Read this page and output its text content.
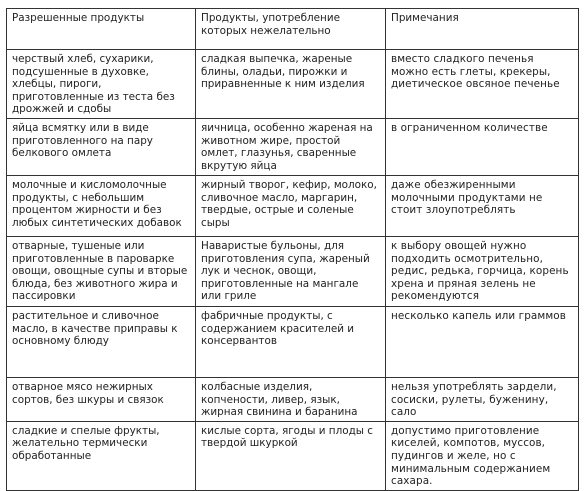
Разрешенные продукты	Продукты, употребление которых нежелательно	Примечания
черствый хлеб, сухарики, подсушенные в духовке, хлебцы, пироги, приготовленные из теста без дрожжей и сдобы	сладкая выпечка, жареные блины, оладьи, пирожки и приравненные к ним изделия	вместо сладкого печенья можно есть глеты, крекеры, диетическое овсяное печенье
яйца всмятку или в виде приготовленного на пару белкового омлета	яичница, особенно жареная на животном жире, простой омлет, глазунья, сваренные вкрутую яйца	в ограниченном количестве
молочные и кисломолочные продукты, с небольшим процентом жирности и без любых синтетических добавок	жирный творог, кефир, молоко, сливочное масло, маргарин, твердые, острые и соленые сыры	даже обезжиренными молочными продуктами не стоит злоупотреблять
отварные, тушеные или приготовленные в пароварке овощи, овощные супы и вторые блюда, без животного жира и пассировки	Наваристые бульоны, для приготовления супа, жареный лук и чеснок, овощи, приготовленные на мангале или гриле	к выбору овощей нужно подходить осмотрительно, редис, редька, горчица, корень хрена и пряная зелень не рекомендуются
растительное и сливочное масло, в качестве приправы к основному блюду	фабричные продукты, с содержанием красителей и консервантов	несколько капель или граммов
отварное мясо нежирных сортов, без шкуры и связок	колбасные изделия, копчености, ливер, язык, жирная свинина и баранина	нельзя употреблять зардели, сосиски, рулеты, буженину, сало
сладкие и спелые фрукты, желательно термически обработанные	кислые сорта, ягоды и плоды с твердой шкуркой	допустимо приготовление киселей, компотов, муссов, пудингов и желе, но с минимальным содержанием сахара.
